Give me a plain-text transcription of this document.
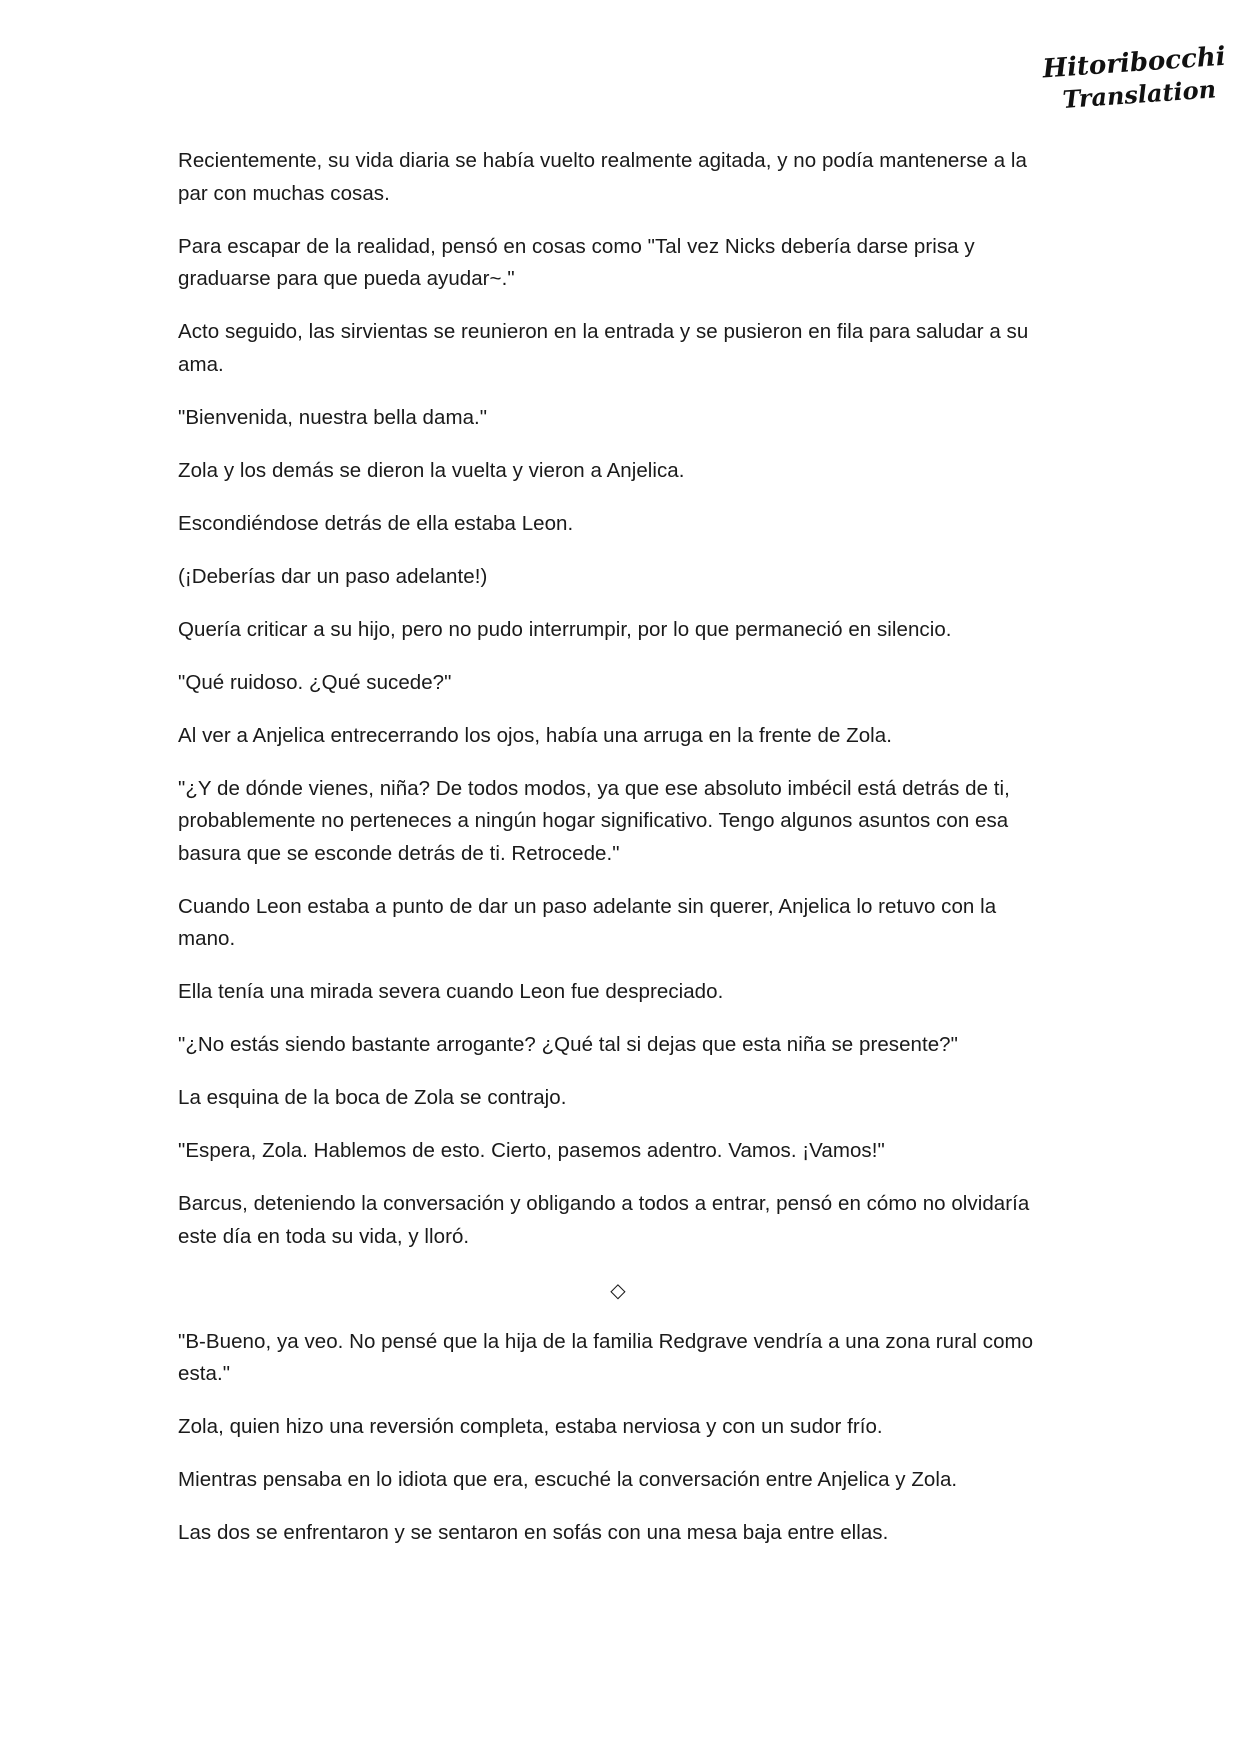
Hitoribocchi
Translation

Recientemente, su vida diaria se había vuelto realmente agitada, y no podía mantenerse a la par con muchas cosas.

Para escapar de la realidad, pensó en cosas como "Tal vez Nicks debería darse prisa y graduarse para que pueda ayudar~."

Acto seguido, las sirvientas se reunieron en la entrada y se pusieron en fila para saludar a su ama.

"Bienvenida, nuestra bella dama."

Zola y los demás se dieron la vuelta y vieron a Anjelica.

Escondiéndose detrás de ella estaba Leon.

(¡Deberías dar un paso adelante!)

Quería criticar a su hijo, pero no pudo interrumpir, por lo que permaneció en silencio.

"Qué ruidoso. ¿Qué sucede?"

Al ver a Anjelica entrecerrando los ojos, había una arruga en la frente de Zola.

"¿Y de dónde vienes, niña? De todos modos, ya que ese absoluto imbécil está detrás de ti, probablemente no perteneces a ningún hogar significativo. Tengo algunos asuntos con esa basura que se esconde detrás de ti. Retrocede."

Cuando Leon estaba a punto de dar un paso adelante sin querer, Anjelica lo retuvo con la mano.

Ella tenía una mirada severa cuando Leon fue despreciado.

"¿No estás siendo bastante arrogante? ¿Qué tal si dejas que esta niña se presente?"

La esquina de la boca de Zola se contrajo.

"Espera, Zola. Hablemos de esto. Cierto, pasemos adentro. Vamos. ¡Vamos!"

Barcus, deteniendo la conversación y obligando a todos a entrar, pensó en cómo no olvidaría este día en toda su vida, y lloró.

◇

"B-Bueno, ya veo. No pensé que la hija de la familia Redgrave vendría a una zona rural como esta."

Zola, quien hizo una reversión completa, estaba nerviosa y con un sudor frío.

Mientras pensaba en lo idiota que era, escuché la conversación entre Anjelica y Zola.

Las dos se enfrentaron y se sentaron en sofás con una mesa baja entre ellas.
